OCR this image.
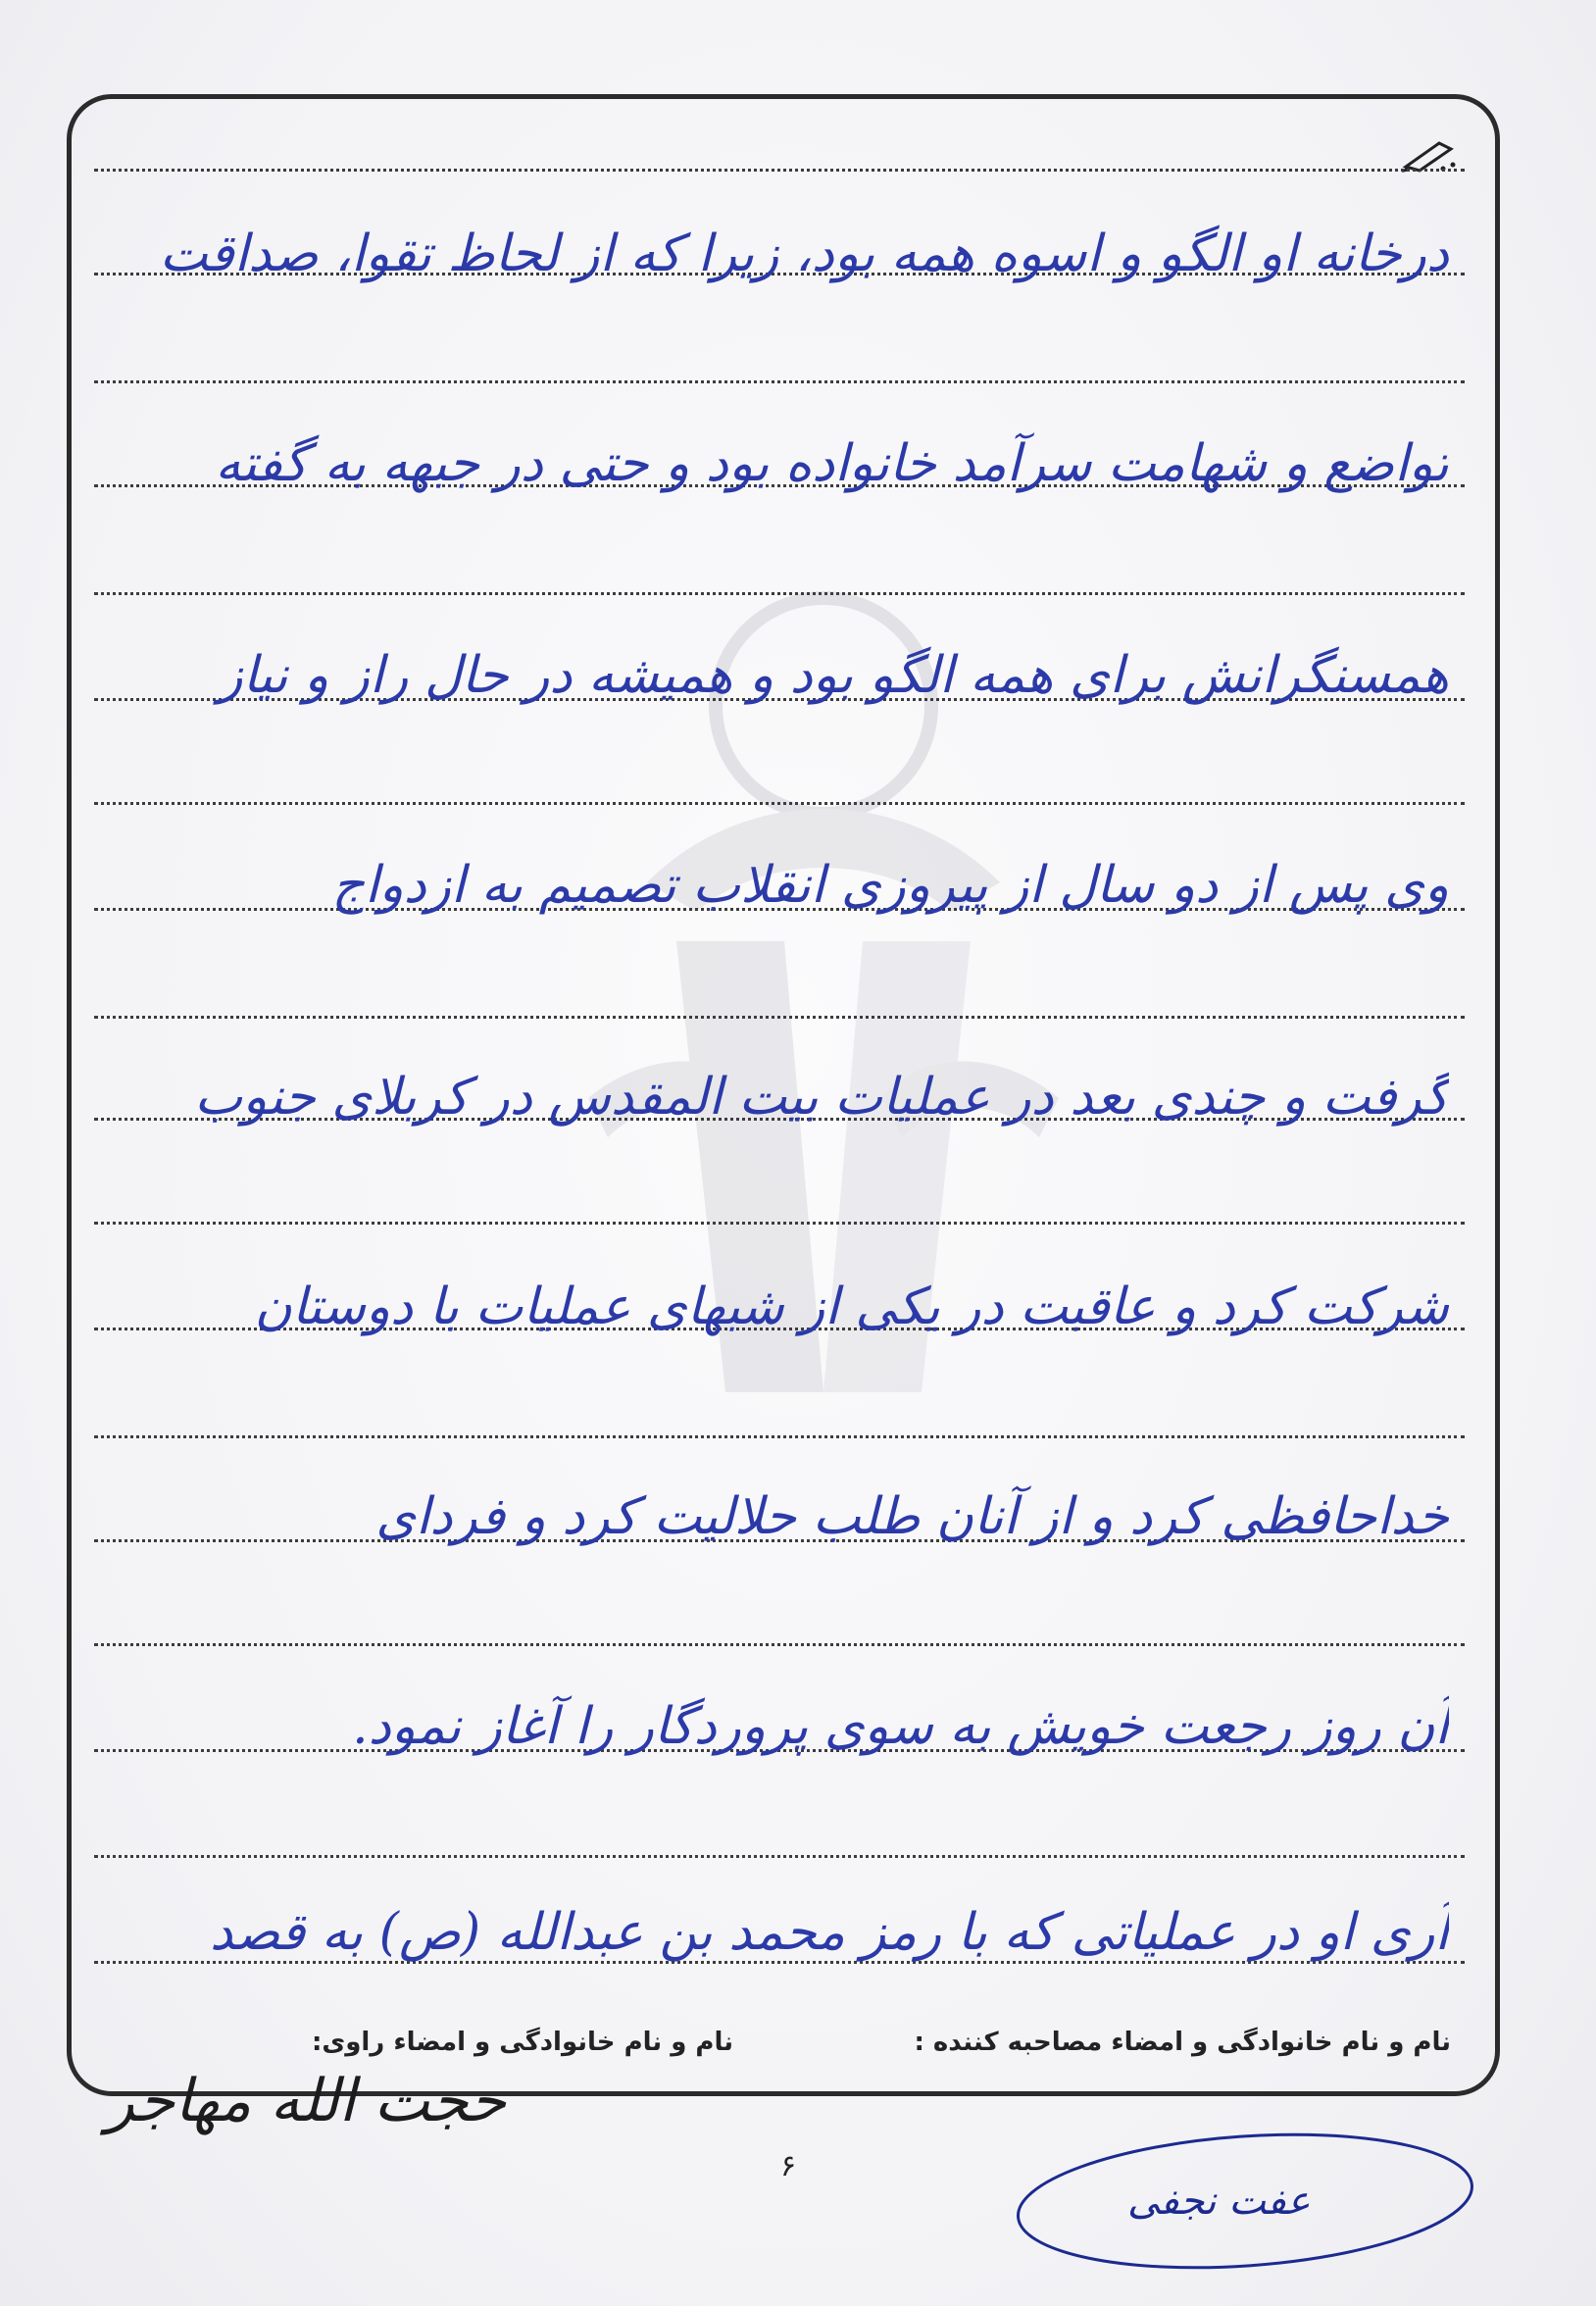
درخانه او الگو و اسوه همه بود، زیرا که از لحاظ تقوا، صداقت
تواضع و شهامت سرآمد خانواده بود و حتی در جبهه به گفته
همسنگرانش برای همه الگو بود و همیشه در حال راز و نیاز
وی پس از دو سال از پیروزی انقلاب تصمیم به ازدواج
گرفت و چندی بعد در عملیات بیت المقدس در کربلای جنوب
شرکت کرد و عاقبت در یکی از شبهای عملیات با دوستان
خداحافظی کرد و از آنان طلب حلالیت کرد و فردای
آن روز رجعت خویش به سوی پروردگار را آغاز نمود.
آری او در عملیاتی که با رمز محمد بن عبدالله (ص) به قصد
نام و نام خانوادگی و امضاء مصاحبه کننده :
نام و نام خانوادگی و امضاء راوی:
حجت الله مهاجر
عفت نجفی
۶
